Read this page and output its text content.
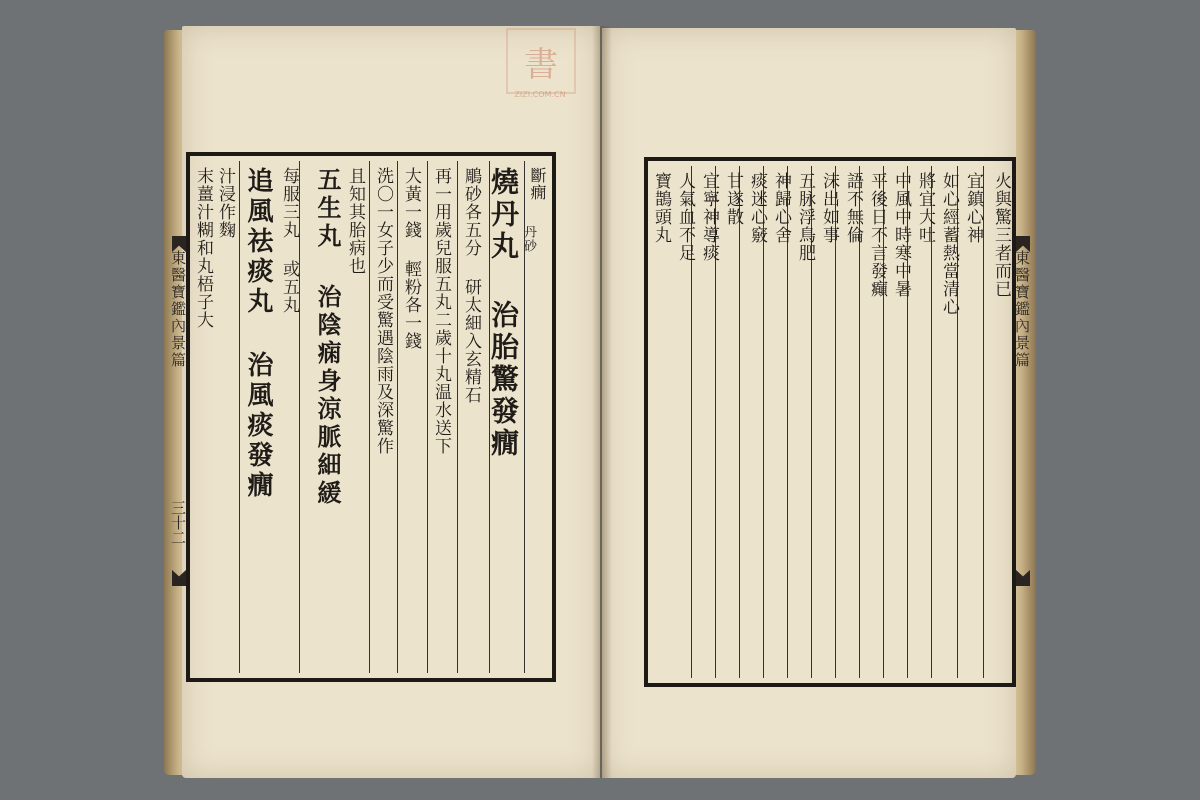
書
ZIZI.COM.CN
東醫寶鑑內景篇
三十二
斷癇
丹砂
燒丹丸 治胎驚發癇
鵰砂各五分 研太細入玄精石
再一用歲兒服五丸二歲十丸温水送下
大黃一錢 輕粉各一錢
洗〇一女子少而受驚遇陰雨及深驚作
且知其胎病也
五生丸 治陰痫身涼脈細緩
每服三丸 或五丸
追風祛痰丸 治風痰發癇
汁浸作麴
末薑汁糊和丸梧子大	東醫寶鑑內景篇
火與驚三者而已
宜鎮心神
如心經蓄熱當清心
將宜大吐
中風中時寒中暑
平後日不言發癲
語不無倫
沫出如事
五脉浮鳥肥
神歸心舍
痰迷心竅
甘遂散
宜寧神導痰
人氣血不足
寶鵲頭丸
